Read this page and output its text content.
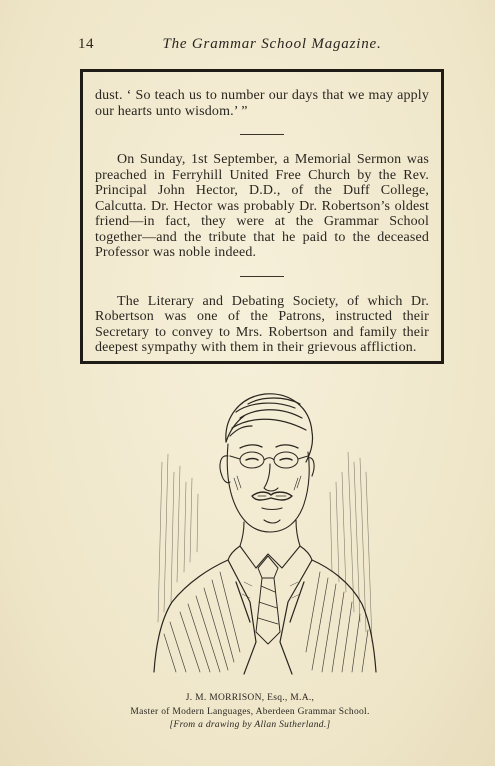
14	The Grammar School Magazine.

dust. ‘ So teach us to number our days that we may apply our hearts unto wisdom.’ ”

On Sunday, 1st September, a Memorial Sermon was preached in Ferryhill United Free Church by the Rev. Principal John Hector, D.D., of the Duff College, Calcutta. Dr. Hector was probably Dr. Robertson’s oldest friend—in fact, they were at the Grammar School together—and the tribute that he paid to the deceased Professor was noble indeed.

The Literary and Debating Society, of which Dr. Robertson was one of the Patrons, instructed their Secretary to convey to Mrs. Robertson and family their deepest sympathy with them in their grievous affliction.

J. M. MORRISON, Esq., M.A.,
Master of Modern Languages, Aberdeen Grammar School.
[From a drawing by Allan Sutherland.]
